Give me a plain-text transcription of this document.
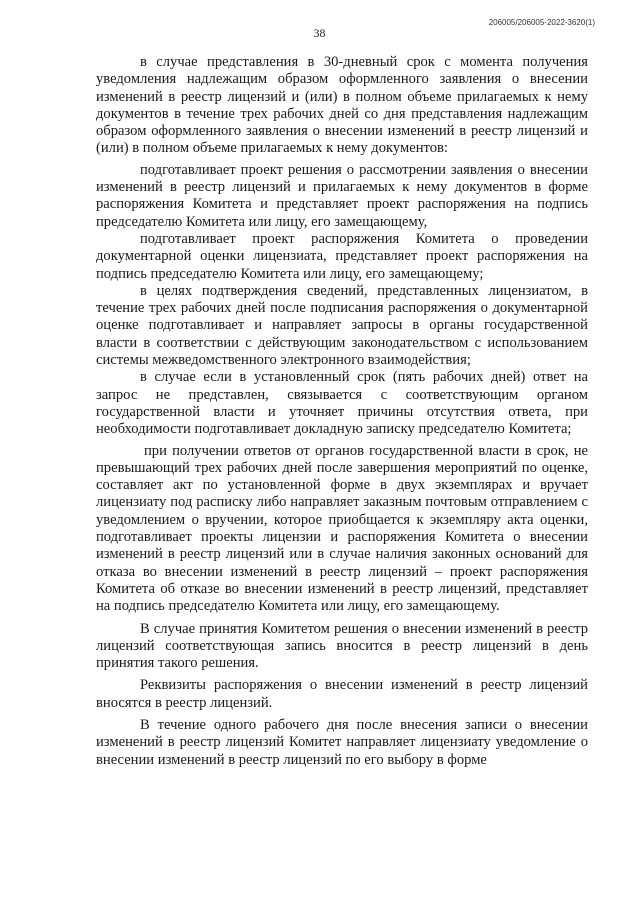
38
206005/206005-2022-3620(1)

в случае представления в 30-дневный срок с момента получения уведомления надлежащим образом оформленного заявления о внесении изменений в реестр лицензий и (или) в полном объеме прилагаемых к нему документов в течение трех рабочих дней со дня представления надлежащим образом оформленного заявления о внесении изменений в реестр лицензий и (или) в полном объеме прилагаемых к нему документов:

подготавливает проект решения о рассмотрении заявления о внесении изменений в реестр лицензий и прилагаемых к нему документов в форме распоряжения Комитета и представляет проект распоряжения на подпись председателю Комитета или лицу, его замещающему,

подготавливает проект распоряжения Комитета о проведении документарной оценки лицензиата, представляет проект распоряжения на подпись председателю Комитета или лицу, его замещающему;

в целях подтверждения сведений, представленных лицензиатом, в течение трех рабочих дней после подписания распоряжения о документарной оценке подготавливает и направляет запросы в органы государственной власти в соответствии с действующим законодательством с использованием системы межведомственного электронного взаимодействия;

в случае если в установленный срок (пять рабочих дней) ответ на запрос не представлен, связывается с соответствующим органом государственной власти и уточняет причины отсутствия ответа, при необходимости подготавливает докладную записку председателю Комитета;

при получении ответов от органов государственной власти в срок, не превышающий трех рабочих дней после завершения мероприятий по оценке, составляет акт по установленной форме в двух экземплярах и вручает лицензиату под расписку либо направляет заказным почтовым отправлением с уведомлением о вручении, которое приобщается к экземпляру акта оценки, подготавливает проекты лицензии и распоряжения Комитета о внесении изменений в реестр лицензий или в случае наличия законных оснований для отказа во внесении изменений в реестр лицензий – проект распоряжения Комитета об отказе во внесении изменений в реестр лицензий, представляет на подпись председателю Комитета или лицу, его замещающему.

В случае принятия Комитетом решения о внесении изменений в реестр лицензий соответствующая запись вносится в реестр лицензий в день принятия такого решения.

Реквизиты распоряжения о внесении изменений в реестр лицензий вносятся в реестр лицензий.

В течение одного рабочего дня после внесения записи о внесении изменений в реестр лицензий Комитет направляет лицензиату уведомление о внесении изменений в реестр лицензий по его выбору в форме
